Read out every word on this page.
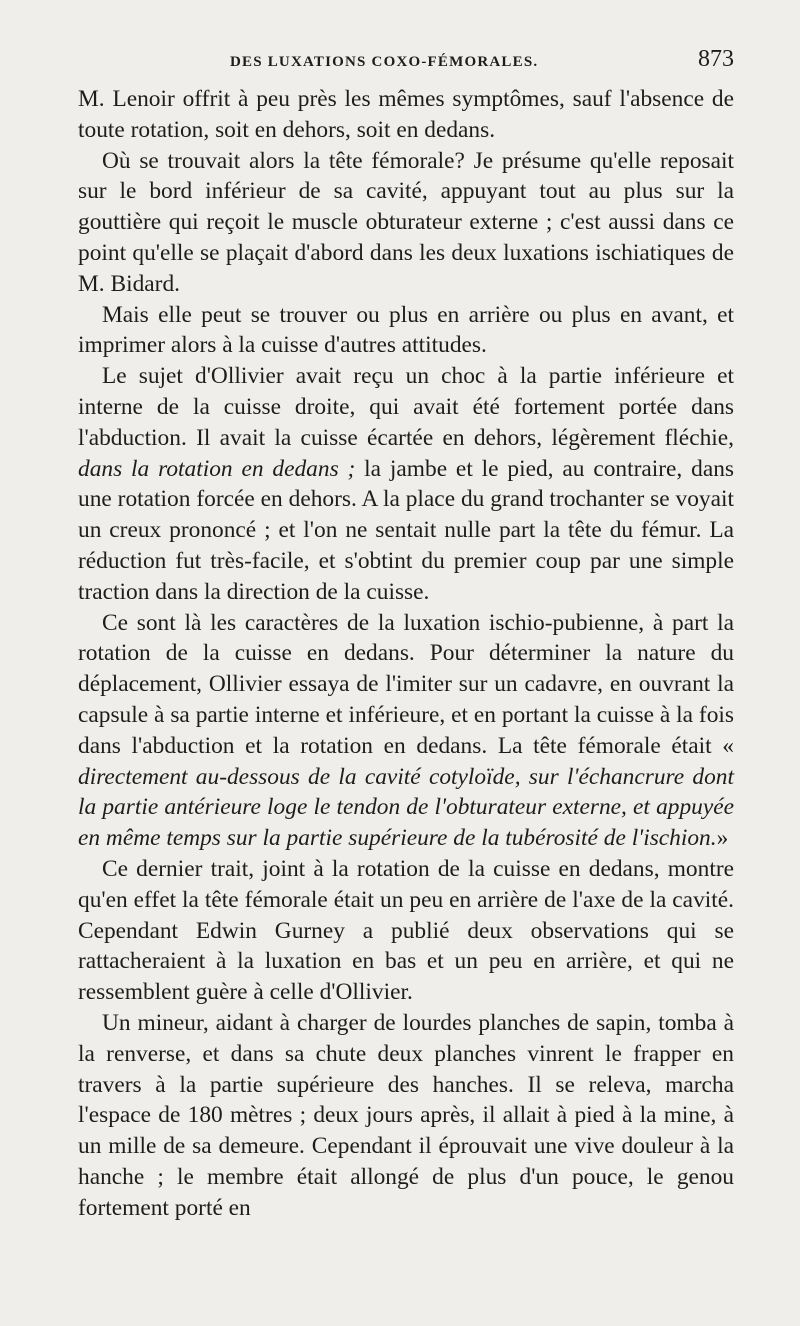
DES LUXATIONS COXO-FÉMORALES.	873

M. Lenoir offrit à peu près les mêmes symptômes, sauf l'absence de toute rotation, soit en dehors, soit en dedans.

Où se trouvait alors la tête fémorale? Je présume qu'elle reposait sur le bord inférieur de sa cavité, appuyant tout au plus sur la gouttière qui reçoit le muscle obturateur externe ; c'est aussi dans ce point qu'elle se plaçait d'abord dans les deux luxations ischiatiques de M. Bidard.

Mais elle peut se trouver ou plus en arrière ou plus en avant, et imprimer alors à la cuisse d'autres attitudes.

Le sujet d'Ollivier avait reçu un choc à la partie inférieure et interne de la cuisse droite, qui avait été fortement portée dans l'abduction. Il avait la cuisse écartée en dehors, légèrement fléchie, dans la rotation en dedans ; la jambe et le pied, au contraire, dans une rotation forcée en dehors. A la place du grand trochanter se voyait un creux prononcé ; et l'on ne sentait nulle part la tête du fémur. La réduction fut très-facile, et s'obtint du premier coup par une simple traction dans la direction de la cuisse.

Ce sont là les caractères de la luxation ischio-pubienne, à part la rotation de la cuisse en dedans. Pour déterminer la nature du déplacement, Ollivier essaya de l'imiter sur un cadavre, en ouvrant la capsule à sa partie interne et inférieure, et en portant la cuisse à la fois dans l'abduction et la rotation en dedans. La tête fémorale était « directement au-dessous de la cavité cotyloïde, sur l'échancrure dont la partie antérieure loge le tendon de l'obturateur externe, et appuyée en même temps sur la partie supérieure de la tubérosité de l'ischion.»

Ce dernier trait, joint à la rotation de la cuisse en dedans, montre qu'en effet la tête fémorale était un peu en arrière de l'axe de la cavité. Cependant Edwin Gurney a publié deux observations qui se rattacheraient à la luxation en bas et un peu en arrière, et qui ne ressemblent guère à celle d'Ollivier.

Un mineur, aidant à charger de lourdes planches de sapin, tomba à la renverse, et dans sa chute deux planches vinrent le frapper en travers à la partie supérieure des hanches. Il se releva, marcha l'espace de 180 mètres ; deux jours après, il allait à pied à la mine, à un mille de sa demeure. Cependant il éprouvait une vive douleur à la hanche ; le membre était allongé de plus d'un pouce, le genou fortement porté en
